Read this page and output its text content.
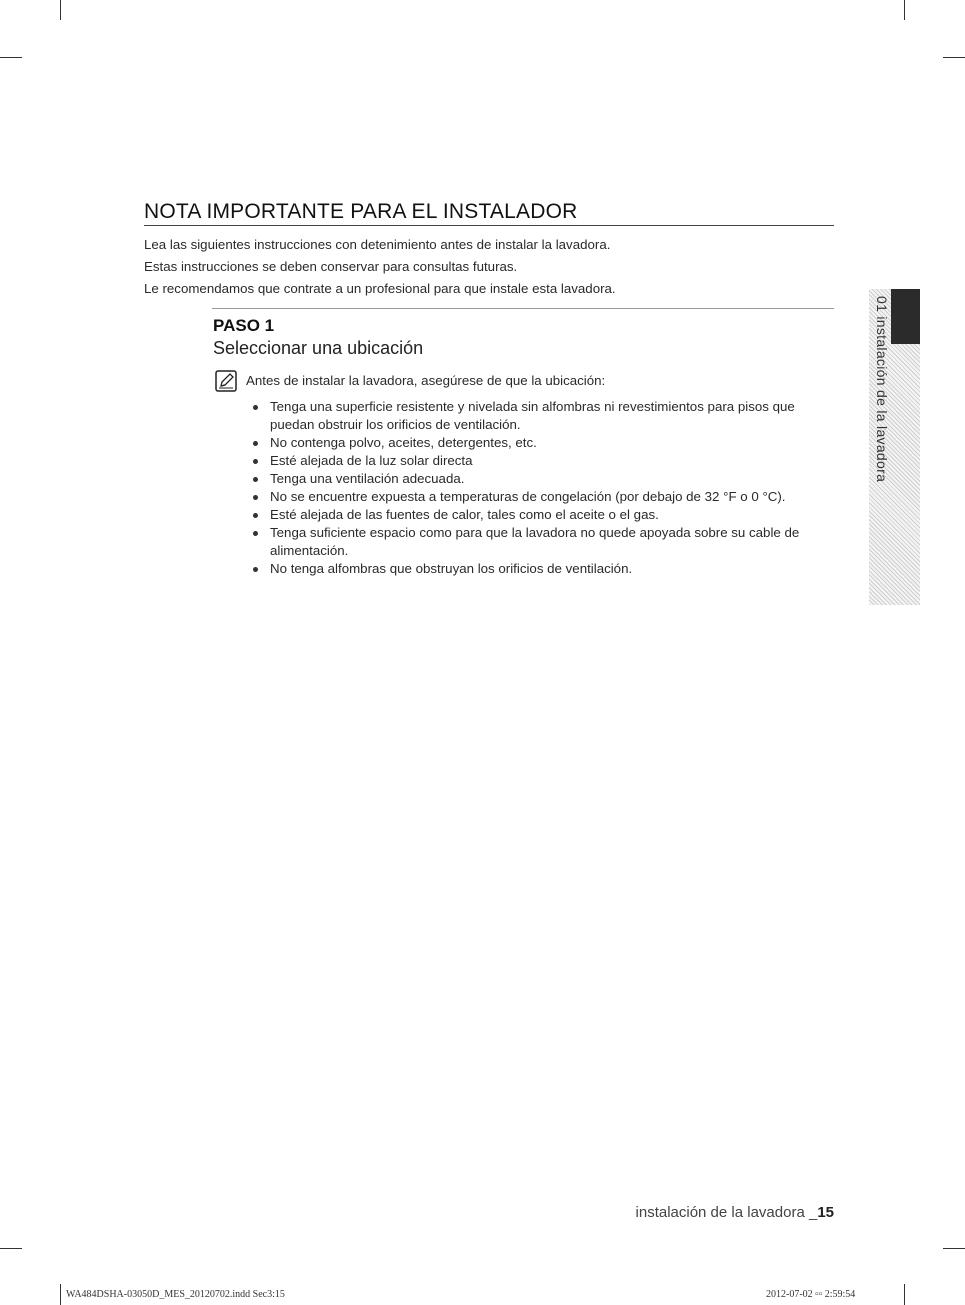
NOTA IMPORTANTE PARA EL INSTALADOR

Lea las siguientes instrucciones con detenimiento antes de instalar la lavadora.

Estas instrucciones se deben conservar para consultas futuras.

Le recomendamos que contrate a un profesional para que instale esta lavadora.

PASO 1
Seleccionar una ubicación
Antes de instalar la lavadora, asegúrese de que la ubicación:
Tenga una superficie resistente y nivelada sin alfombras ni revestimientos para pisos que puedan obstruir los orificios de ventilación.
No contenga polvo, aceites, detergentes, etc.
Esté alejada de la luz solar directa
Tenga una ventilación adecuada.
No se encuentre expuesta a temperaturas de congelación (por debajo de 32 °F o 0 °C).
Esté alejada de las fuentes de calor, tales como el aceite o el gas.
Tenga suficiente espacio como para que la lavadora no quede apoyada sobre su cable de alimentación.
No tenga alfombras que obstruyan los orificios de ventilación.
01 instalación de la lavadora
instalación de la lavadora _15
WA484DSHA-03050D_MES_20120702.indd Sec3:15	2012-07-02 ▫▫ 2:59:54
